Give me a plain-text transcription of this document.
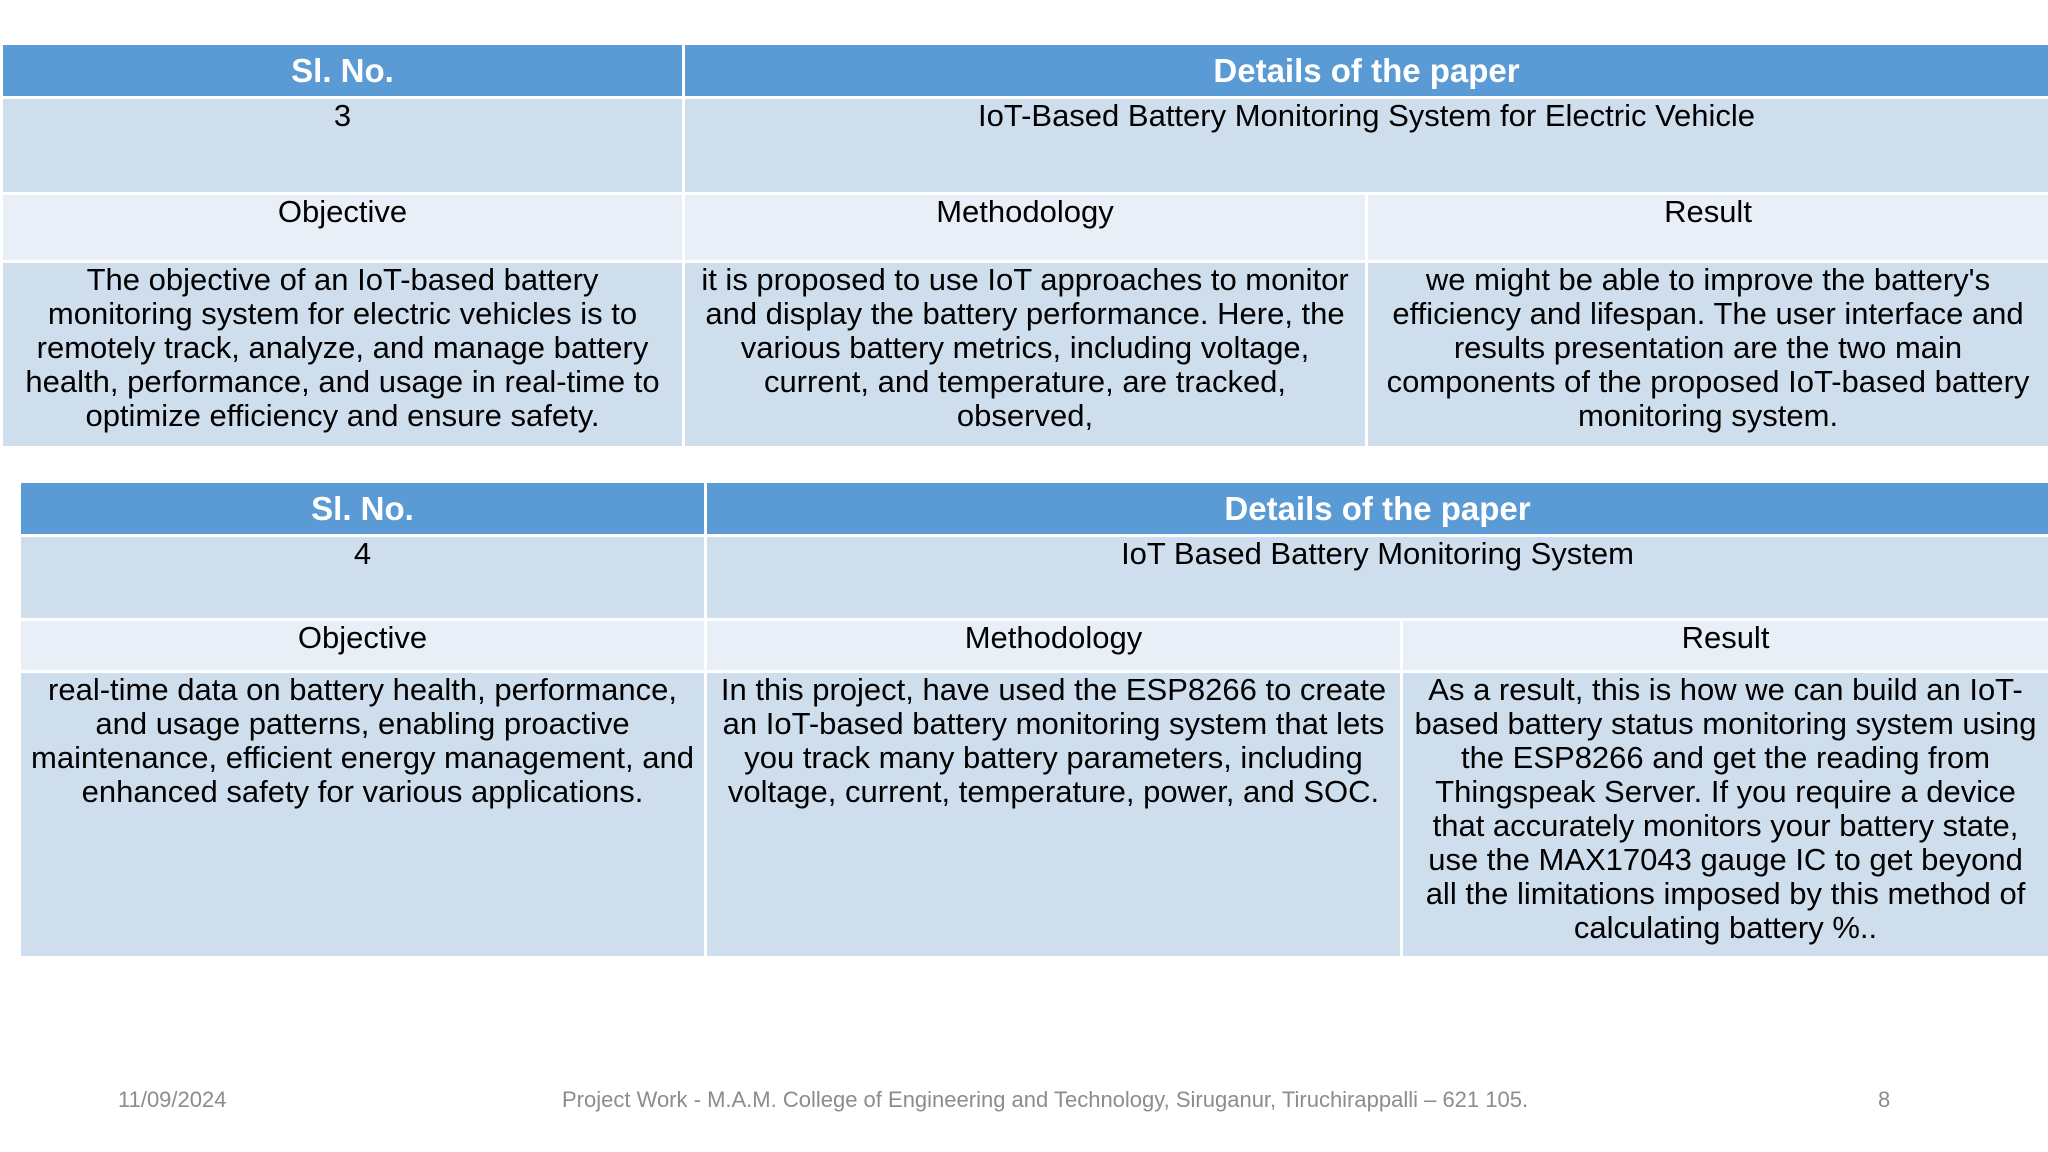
Sl. No.	Details of the paper	
3	IoT-Based Battery Monitoring System for Electric Vehicle	
Objective	Methodology	Result
The objective of an IoT-based battery monitoring system for electric vehicles is to remotely track, analyze, and manage battery health, performance, and usage in real-time to optimize efficiency and ensure safety.	it is proposed to use IoT approaches to monitor and display the battery performance. Here, the various battery metrics, including voltage, current, and temperature, are tracked, observed,	we might be able to improve the battery's efficiency and lifespan. The user interface and results presentation are the two main components of the proposed IoT-based battery monitoring system.
Sl. No.	Details of the paper	
4	IoT Based Battery Monitoring System	
Objective	Methodology	Result
real-time data on battery health, performance, and usage patterns, enabling proactive maintenance, efficient energy management, and enhanced safety for various applications.	In this project, have used the ESP8266 to create an IoT-based battery monitoring system that lets you track many battery parameters, including voltage, current, temperature, power, and SOC.	As a result, this is how we can build an IoT-based battery status monitoring system using the ESP8266 and get the reading from Thingspeak Server. If you require a device that accurately monitors your battery state, use the MAX17043 gauge IC to get beyond all the limitations imposed by this method of calculating battery %..
11/09/2024	Project Work - M.A.M. College of Engineering and Technology, Siruganur, Tiruchirappalli – 621 105.	8
